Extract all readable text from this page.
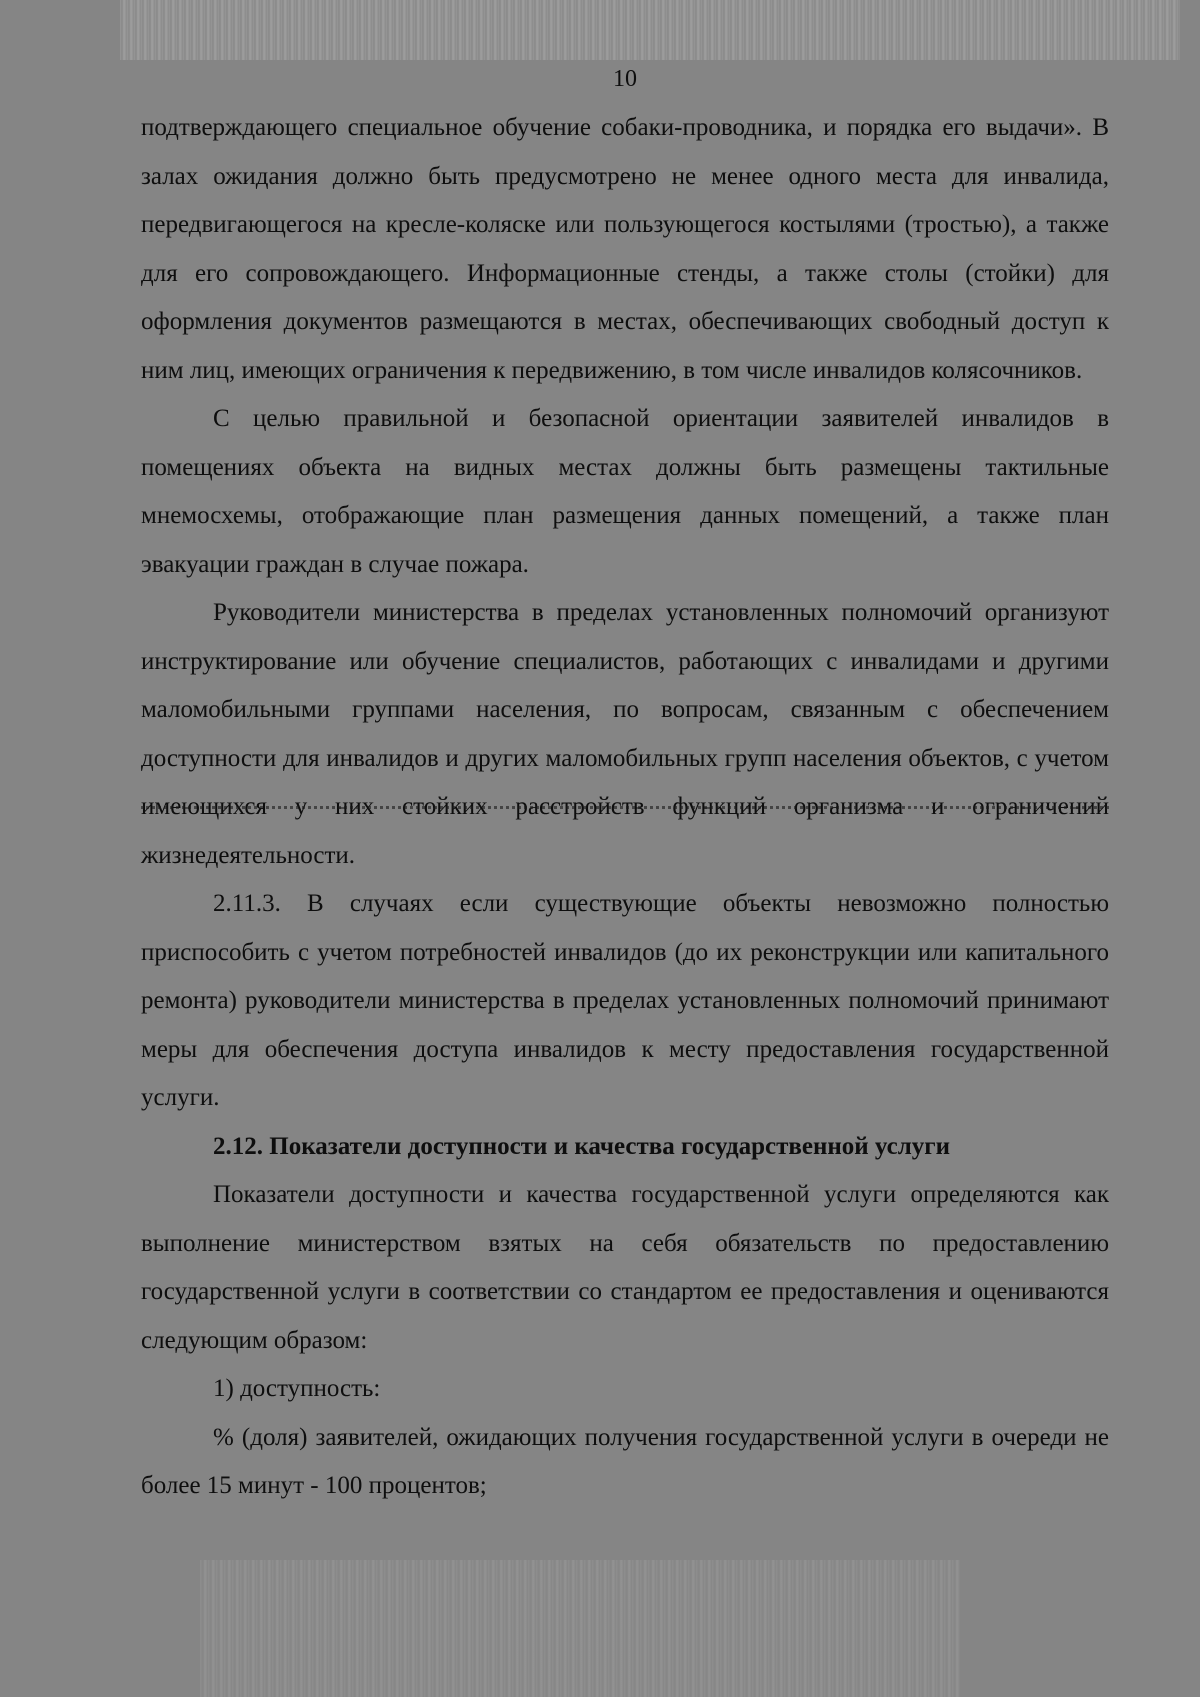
10

подтверждающего специальное обучение собаки-проводника, и порядка его выдачи». В залах ожидания должно быть предусмотрено не менее одного места для инвалида, передвигающегося на кресле-коляске или пользующегося костылями (тростью), а также для его сопровождающего. Информационные стенды, а также столы (стойки) для оформления документов размещаются в местах, обеспечивающих свободный доступ к ним лиц, имеющих ограничения к передвижению, в том числе инвалидов колясочников.

С целью правильной и безопасной ориентации заявителей инвалидов в помещениях объекта на видных местах должны быть размещены тактильные мнемосхемы, отображающие план размещения данных помещений, а также план эвакуации граждан в случае пожара.

Руководители министерства в пределах установленных полномочий организуют инструктирование или обучение специалистов, работающих с инвалидами и другими маломобильными группами населения, по вопросам, связанным с обеспечением доступности для инвалидов и других маломобильных групп населения объектов, с учетом имеющихся у них стойких расстройств функций организма и ограничений жизнедеятельности.

2.11.3. В случаях если существующие объекты невозможно полностью приспособить с учетом потребностей инвалидов (до их реконструкции или капитального ремонта) руководители министерства в пределах установленных полномочий принимают меры для обеспечения доступа инвалидов к месту предоставления государственной услуги.

2.12. Показатели доступности и качества государственной услуги

Показатели доступности и качества государственной услуги определяются как выполнение министерством взятых на себя обязательств по предоставлению государственной услуги в соответствии со стандартом ее предоставления и оцениваются следующим образом:

1) доступность:

% (доля) заявителей, ожидающих получения государственной услуги в очереди не более 15 минут - 100 процентов;
